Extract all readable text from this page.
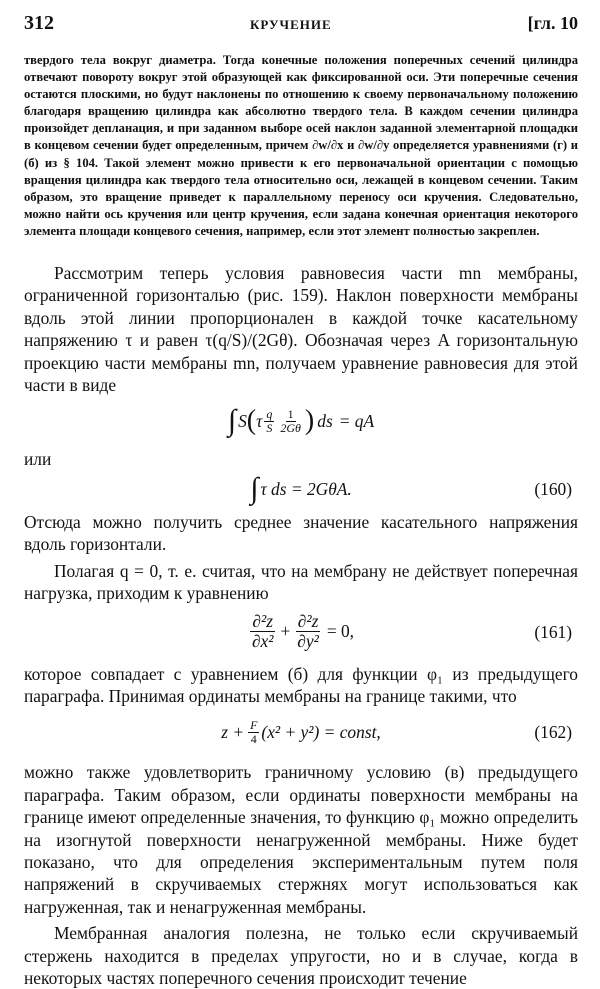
312	КРУЧЕНИЕ	[гл. 10

твердого тела вокруг диаметра. Тогда конечные положения поперечных сечений цилиндра отвечают повороту вокруг этой образующей как фиксированной оси. Эти поперечные сечения остаются плоскими, но будут наклонены по отношению к своему первоначальному положению благодаря вращению цилиндра как абсолютно твердого тела. В каждом сечении цилиндра произойдет депланация, и при заданном выборе осей наклон заданной элементарной площадки в концевом сечении будет определенным, причем ∂w/∂x и ∂w/∂y определяется уравнениями (г) и (б) из § 104. Такой элемент можно привести к его первоначальной ориентации с помощью вращения цилиндра как твердого тела относительно оси, лежащей в концевом сечении. Таким образом, это вращение приведет к параллельному переносу оси кручения. Следовательно, можно найти ось кручения или центр кручения, если задана конечная ориентация некоторого элемента площади концевого сечения, например, если этот элемент полностью закреплен.

Рассмотрим теперь условия равновесия части mn мембраны, ограниченной горизонталью (рис. 159). Наклон поверхности мембраны вдоль этой линии пропорционален в каждой точке касательному напряжению τ и равен τ(q/S)/(2Gθ). Обозначая через A горизонтальную проекцию части мембраны mn, получаем уравнение равновесия для этой части в виде

∫ S ( τ $\frac{q}{S} \frac{1}{2G\theta}$ ) ds = qA

или

∫ τ ds = 2GθA.	(160)

Отсюда можно получить среднее значение касательного напряжения вдоль горизонтали.

Полагая q = 0, т. е. считая, что на мембрану не действует поперечная нагрузка, приходим к уравнению

$\frac{\text{∂²z}}{\text{∂x²}} + \frac{\text{∂²z}}{\text{∂y²}} = 0$,	(161)

которое совпадает с уравнением (б) для функции φ₁ из предыдущего параграфа. Принимая ординаты мембраны на границе такими, что

$z + \frac{F}{4} (x^2 + y^2)$ = const,	(162)

можно также удовлетворить граничному условию (в) предыдущего параграфа. Таким образом, если ординаты поверхности мембраны на границе имеют определенные значения, то функцию φ₁ можно определить на изогнутой поверхности ненагруженной мембраны. Ниже будет показано, что для определения экспериментальным путем поля напряжений в скручиваемых стержнях могут использоваться как нагруженная, так и ненагруженная мембраны.

Мембранная аналогия полезна, не только если скручиваемый стержень находится в пределах упругости, но и в случае, когда в некоторых частях поперечного сечения происходит течение
